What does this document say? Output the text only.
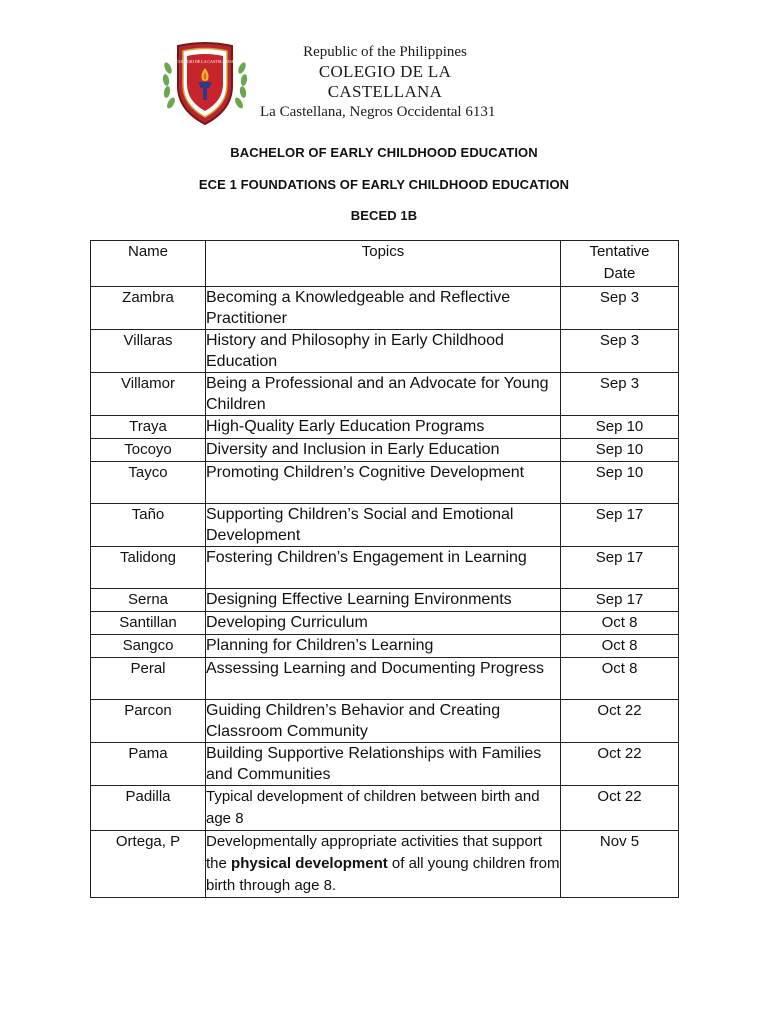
COLEGIO DE LA CASTELLANA
Republic of the Philippines
COLEGIO DE LA CASTELLANA
La Castellana, Negros Occidental 6131
BACHELOR OF EARLY CHILDHOOD EDUCATION
ECE 1 FOUNDATIONS OF EARLY CHILDHOOD EDUCATION
BECED 1B
Name	Topics	Tentative
Date
Zambra	Becoming a Knowledgeable and Reflective Practitioner	Sep 3
Villaras	History and Philosophy in Early Childhood Education	Sep 3
Villamor	Being a Professional and an Advocate for Young Children	Sep 3
Traya	High-Quality Early Education Programs	Sep 10
Tocoyo	Diversity and Inclusion in Early Education	Sep 10
Tayco	Promoting Children’s Cognitive Development	Sep 10
Taño	Supporting Children’s Social and Emotional Development	Sep 17
Talidong	Fostering Children’s Engagement in Learning	Sep 17
Serna	Designing Effective Learning Environments	Sep 17
Santillan	Developing Curriculum	Oct 8
Sangco	Planning for Children’s Learning	Oct 8
Peral	Assessing Learning and Documenting Progress	Oct 8
Parcon	Guiding Children’s Behavior and Creating Classroom Community	Oct 22
Pama	Building Supportive Relationships with Families and Communities	Oct 22
Padilla	Typical development of children between birth and age 8	Oct 22
Ortega, P	Developmentally appropriate activities that support the physical development of all young children from birth through age 8.	Nov 5
